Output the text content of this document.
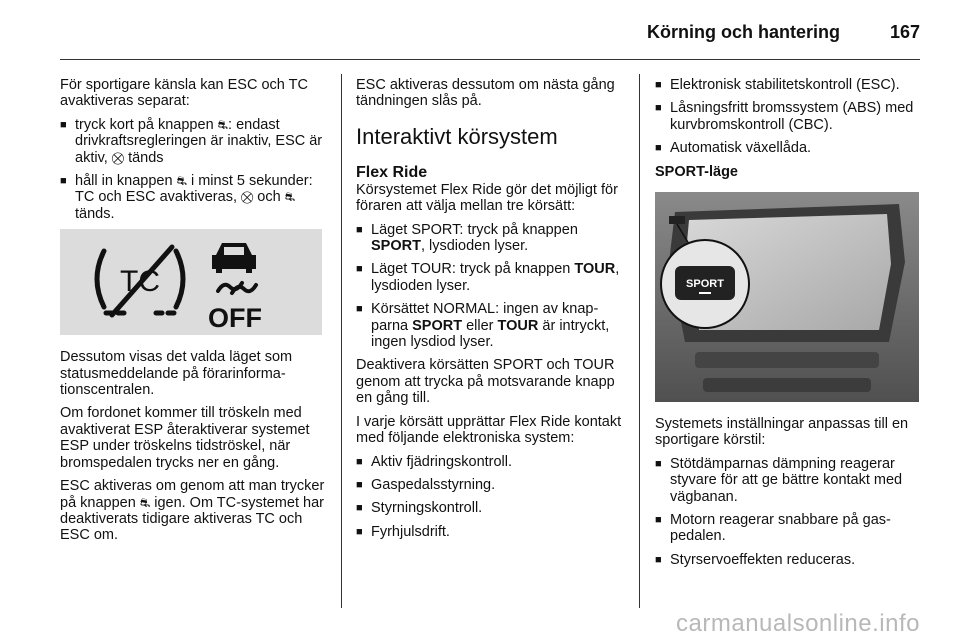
Körning och hantering	167

För sportigare känsla kan ESC och TC avaktiveras separat:

■ tryck kort på knappen ⛐: endast drivkraftsregleringen är inaktiv, ESC är aktiv, ⛒ tänds
■ håll in knappen ⛐ i minst 5 sekunder: TC och ESC avaktiveras, ⛒ och ⛐ tänds.
TC
OFF

Dessutom visas det valda läget som statusmeddelande på förarinformationscentralen.

Om fordonet kommer till tröskeln med avaktiverat ESP återaktiverar systemet ESP under tröskelns tidströskel, när bromspedalen trycks ner en gång.

ESC aktiveras om genom att man trycker på knappen ⛐ igen. Om TC-systemet har deaktiverats tidigare aktiveras TC och ESC om.

ESC aktiveras dessutom om nästa gång tändningen slås på.

Interaktivt körsystem
Flex Ride

Körsystemet Flex Ride gör det möjligt för föraren att välja mellan tre körsätt:

■ Läget SPORT: tryck på knappen SPORT, lysdioden lyser.
■ Läget TOUR: tryck på knappen TOUR, lysdioden lyser.
■ Körsättet NORMAL: ingen av knapparna SPORT eller TOUR är intryckt, ingen lysdiod lyser.

Deaktivera körsätten SPORT och TOUR genom att trycka på motsvarande knapp en gång till.

I varje körsätt upprättar Flex Ride kontakt med följande elektroniska system:

■ Aktiv fjädringskontroll.
■ Gaspedalsstyrning.
■ Styrningskontroll.
■ Fyrhjulsdrift.
■ Elektronisk stabilitetskontroll (ESC).
■ Låsningsfritt bromssystem (ABS) med kurvbromskontroll (CBC).
■ Automatisk växellåda.
SPORT-läge
SPORT

Systemets inställningar anpassas till en sportigare körstil:

■ Stötdämparnas dämpning reagerar styvare för att ge bättre kontakt med vägbanan.
■ Motorn reagerar snabbare på gaspedalen.
■ Styrservoeffekten reduceras.
carmanualsonline.info
